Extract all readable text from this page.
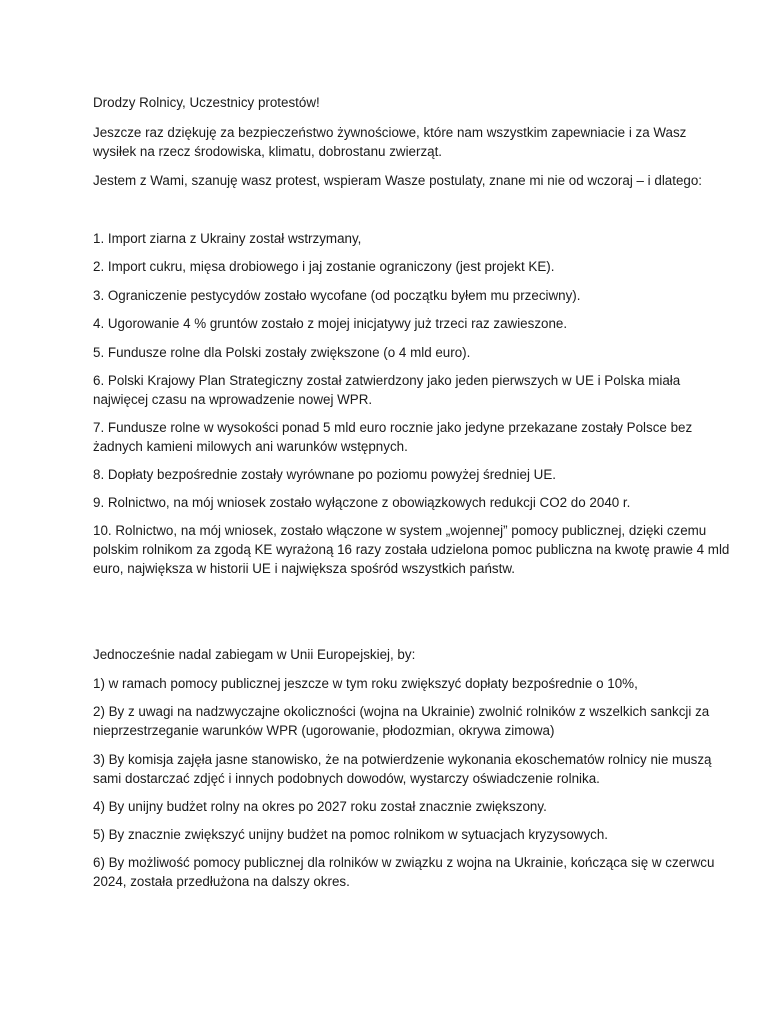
Drodzy Rolnicy, Uczestnicy protestów!

Jeszcze raz dziękuję za bezpieczeństwo żywnościowe, które nam wszystkim zapewniacie i za Wasz wysiłek na rzecz środowiska, klimatu, dobrostanu zwierząt.

Jestem z Wami, szanuję wasz protest, wspieram Wasze postulaty, znane mi nie od wczoraj – i dlatego:

1. Import ziarna z Ukrainy został wstrzymany,

2. Import cukru, mięsa drobiowego i jaj zostanie ograniczony (jest projekt KE).

3. Ograniczenie pestycydów zostało wycofane (od początku byłem mu przeciwny).

4. Ugorowanie 4 % gruntów zostało z mojej inicjatywy już trzeci raz zawieszone.

5. Fundusze rolne dla Polski zostały zwiększone (o 4 mld euro).

6. Polski Krajowy Plan Strategiczny został zatwierdzony jako jeden pierwszych w UE i Polska miała najwięcej czasu na wprowadzenie nowej WPR.

7. Fundusze rolne w wysokości ponad 5 mld euro rocznie jako jedyne przekazane zostały Polsce bez żadnych kamieni milowych ani warunków wstępnych.

8. Dopłaty bezpośrednie zostały wyrównane po poziomu powyżej średniej UE.

9. Rolnictwo, na mój wniosek zostało wyłączone z obowiązkowych redukcji CO2 do 2040 r.

10. Rolnictwo, na mój wniosek, zostało włączone w system „wojennej” pomocy publicznej, dzięki czemu polskim rolnikom za zgodą KE wyrażoną 16 razy została udzielona pomoc publiczna na kwotę prawie 4 mld euro, największa w historii UE i największa spośród wszystkich państw.

Jednocześnie nadal zabiegam w Unii Europejskiej, by:

1) w ramach pomocy publicznej jeszcze w tym roku zwiększyć dopłaty bezpośrednie o 10%,

2) By z uwagi na nadzwyczajne okoliczności (wojna na Ukrainie) zwolnić rolników z wszelkich sankcji za nieprzestrzeganie warunków WPR (ugorowanie, płodozmian, okrywa zimowa)

3) By komisja zajęła jasne stanowisko, że na potwierdzenie wykonania ekoschematów rolnicy nie muszą sami dostarczać zdjęć i innych podobnych dowodów, wystarczy oświadczenie rolnika.

4) By unijny budżet rolny na okres po 2027 roku został znacznie zwiększony.

5) By znacznie zwiększyć unijny budżet na pomoc rolnikom w sytuacjach kryzysowych.

6) By możliwość pomocy publicznej dla rolników w związku z wojna na Ukrainie, kończąca się w czerwcu 2024, została przedłużona na dalszy okres.
